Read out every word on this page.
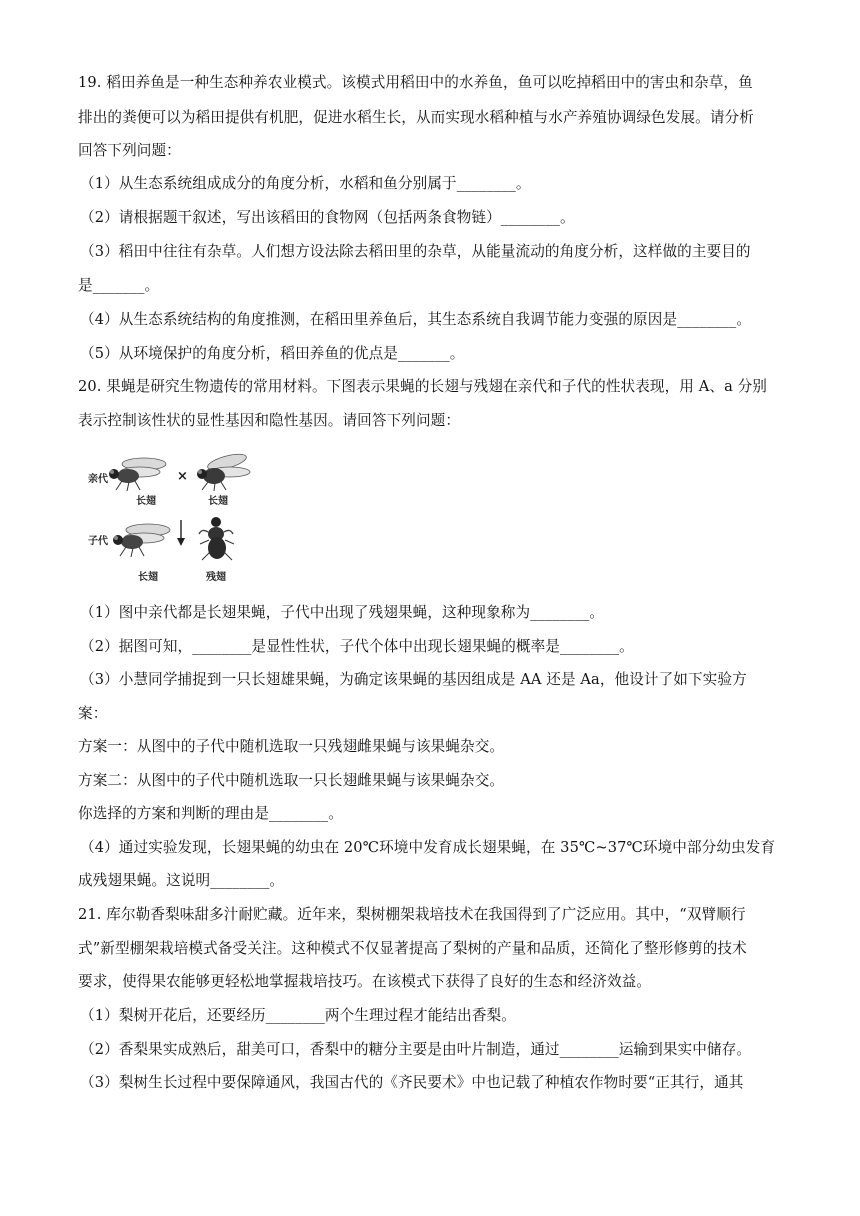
19. 稻田养鱼是一种生态种养农业模式。该模式用稻田中的水养鱼，鱼可以吃掉稻田中的害虫和杂草，鱼
排出的粪便可以为稻田提供有机肥，促进水稻生长，从而实现水稻种植与水产养殖协调绿色发展。请分析
回答下列问题：
（1）从生态系统组成成分的角度分析，水稻和鱼分别属于________。
（2）请根据题干叙述，写出该稻田的食物网（包括两条食物链）________。
（3）稻田中往往有杂草。人们想方设法除去稻田里的杂草，从能量流动的角度分析，这样做的主要目的
是_______。
（4）从生态系统结构的角度推测，在稻田里养鱼后，其生态系统自我调节能力变强的原因是________。
（5）从环境保护的角度分析，稻田养鱼的优点是_______。
20. 果蝇是研究生物遗传的常用材料。下图表示果蝇的长翅与残翅在亲代和子代的性状表现，用 A、a 分别
表示控制该性状的显性基因和隐性基因。请回答下列问题：
亲代	×
长翅	长翅
子代
长翅	残翅
（1）图中亲代都是长翅果蝇，子代中出现了残翅果蝇，这种现象称为________。
（2）据图可知，________是显性性状，子代个体中出现长翅果蝇的概率是________。
（3）小慧同学捕捉到一只长翅雄果蝇，为确定该果蝇的基因组成是 AA 还是 Aa，他设计了如下实验方
案：
方案一：从图中的子代中随机选取一只残翅雌果蝇与该果蝇杂交。
方案二：从图中的子代中随机选取一只长翅雌果蝇与该果蝇杂交。
你选择的方案和判断的理由是________。
（4）通过实验发现，长翅果蝇的幼虫在 20℃环境中发育成长翅果蝇，在 35℃~37℃环境中部分幼虫发育
成残翅果蝇。这说明________。
21. 库尔勒香梨味甜多汁耐贮藏。近年来，梨树棚架栽培技术在我国得到了广泛应用。其中，“双臂顺行
式”新型棚架栽培模式备受关注。这种模式不仅显著提高了梨树的产量和品质，还简化了整形修剪的技术
要求，使得果农能够更轻松地掌握栽培技巧。在该模式下获得了良好的生态和经济效益。
（1）梨树开花后，还要经历________两个生理过程才能结出香梨。
（2）香梨果实成熟后，甜美可口，香梨中的糖分主要是由叶片制造，通过________运输到果实中储存。
（3）梨树生长过程中要保障通风，我国古代的《齐民要术》中也记载了种植农作物时要“正其行，通其
